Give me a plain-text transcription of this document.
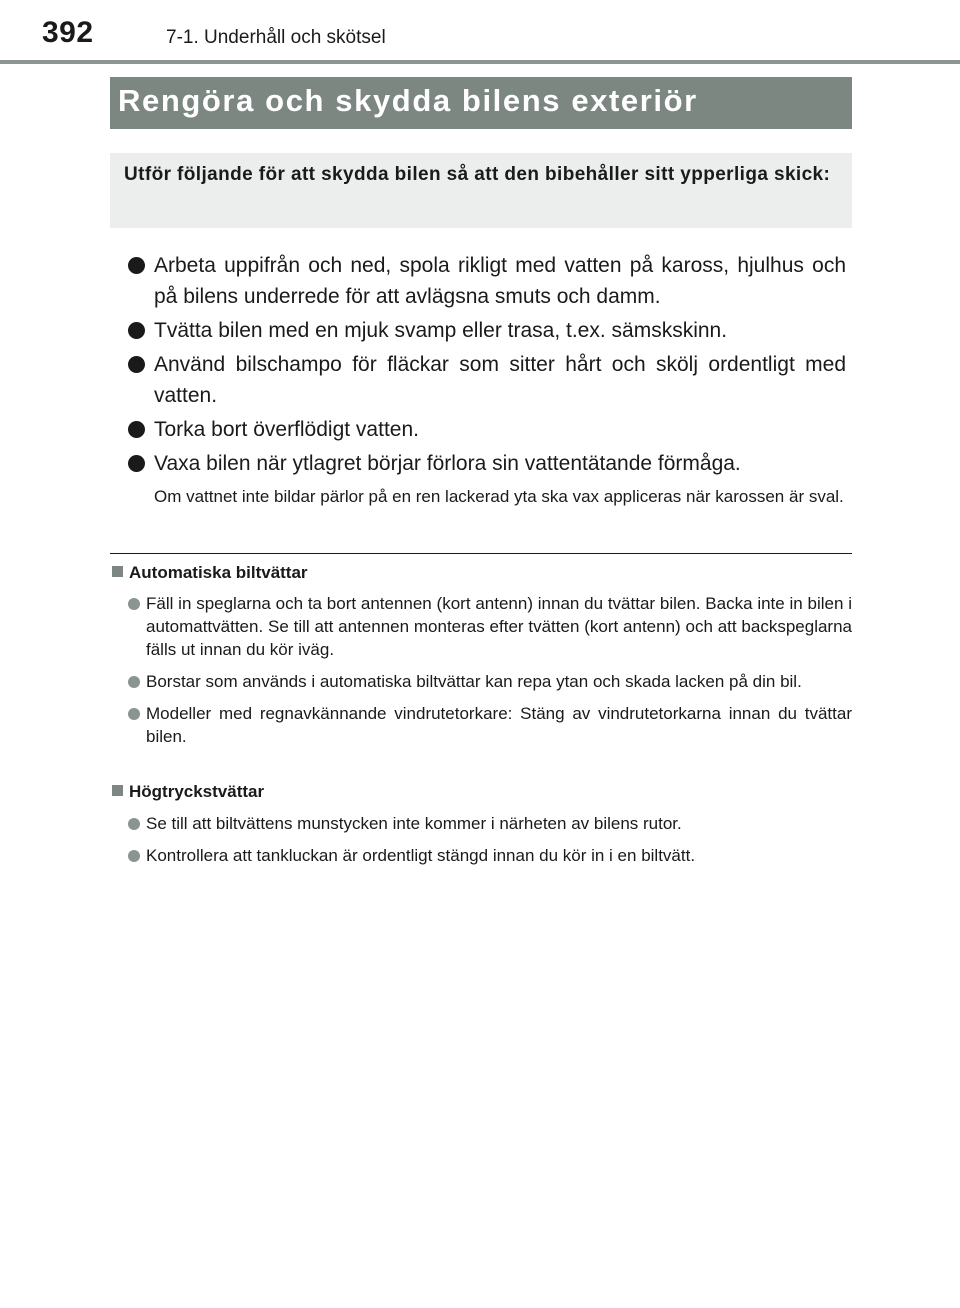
392	7-1. Underhåll och skötsel
Rengöra och skydda bilens exteriör
Utför följande för att skydda bilen så att den bibehåller sitt ypperliga skick:
Arbeta uppifrån och ned, spola rikligt med vatten på kaross, hjulhus och på bilens underrede för att avlägsna smuts och damm.
Tvätta bilen med en mjuk svamp eller trasa, t.ex. sämskskinn.
Använd bilschampo för fläckar som sitter hårt och skölj ordentligt med vatten.
Torka bort överflödigt vatten.
Vaxa bilen när ytlagret börjar förlora sin vattentätande förmåga.
Om vattnet inte bildar pärlor på en ren lackerad yta ska vax appliceras när karossen är sval.
Automatiska biltvättar
Fäll in speglarna och ta bort antennen (kort antenn) innan du tvättar bilen. Backa inte in bilen i automattvätten. Se till att antennen monteras efter tvätten (kort antenn) och att backspeglarna fälls ut innan du kör iväg.
Borstar som används i automatiska biltvättar kan repa ytan och skada lacken på din bil.
Modeller med regnavkännande vindrutetorkare: Stäng av vindrutetorkarna innan du tvättar bilen.
Högtryckstvättar
Se till att biltvättens munstycken inte kommer i närheten av bilens rutor.
Kontrollera att tankluckan är ordentligt stängd innan du kör in i en biltvätt.
